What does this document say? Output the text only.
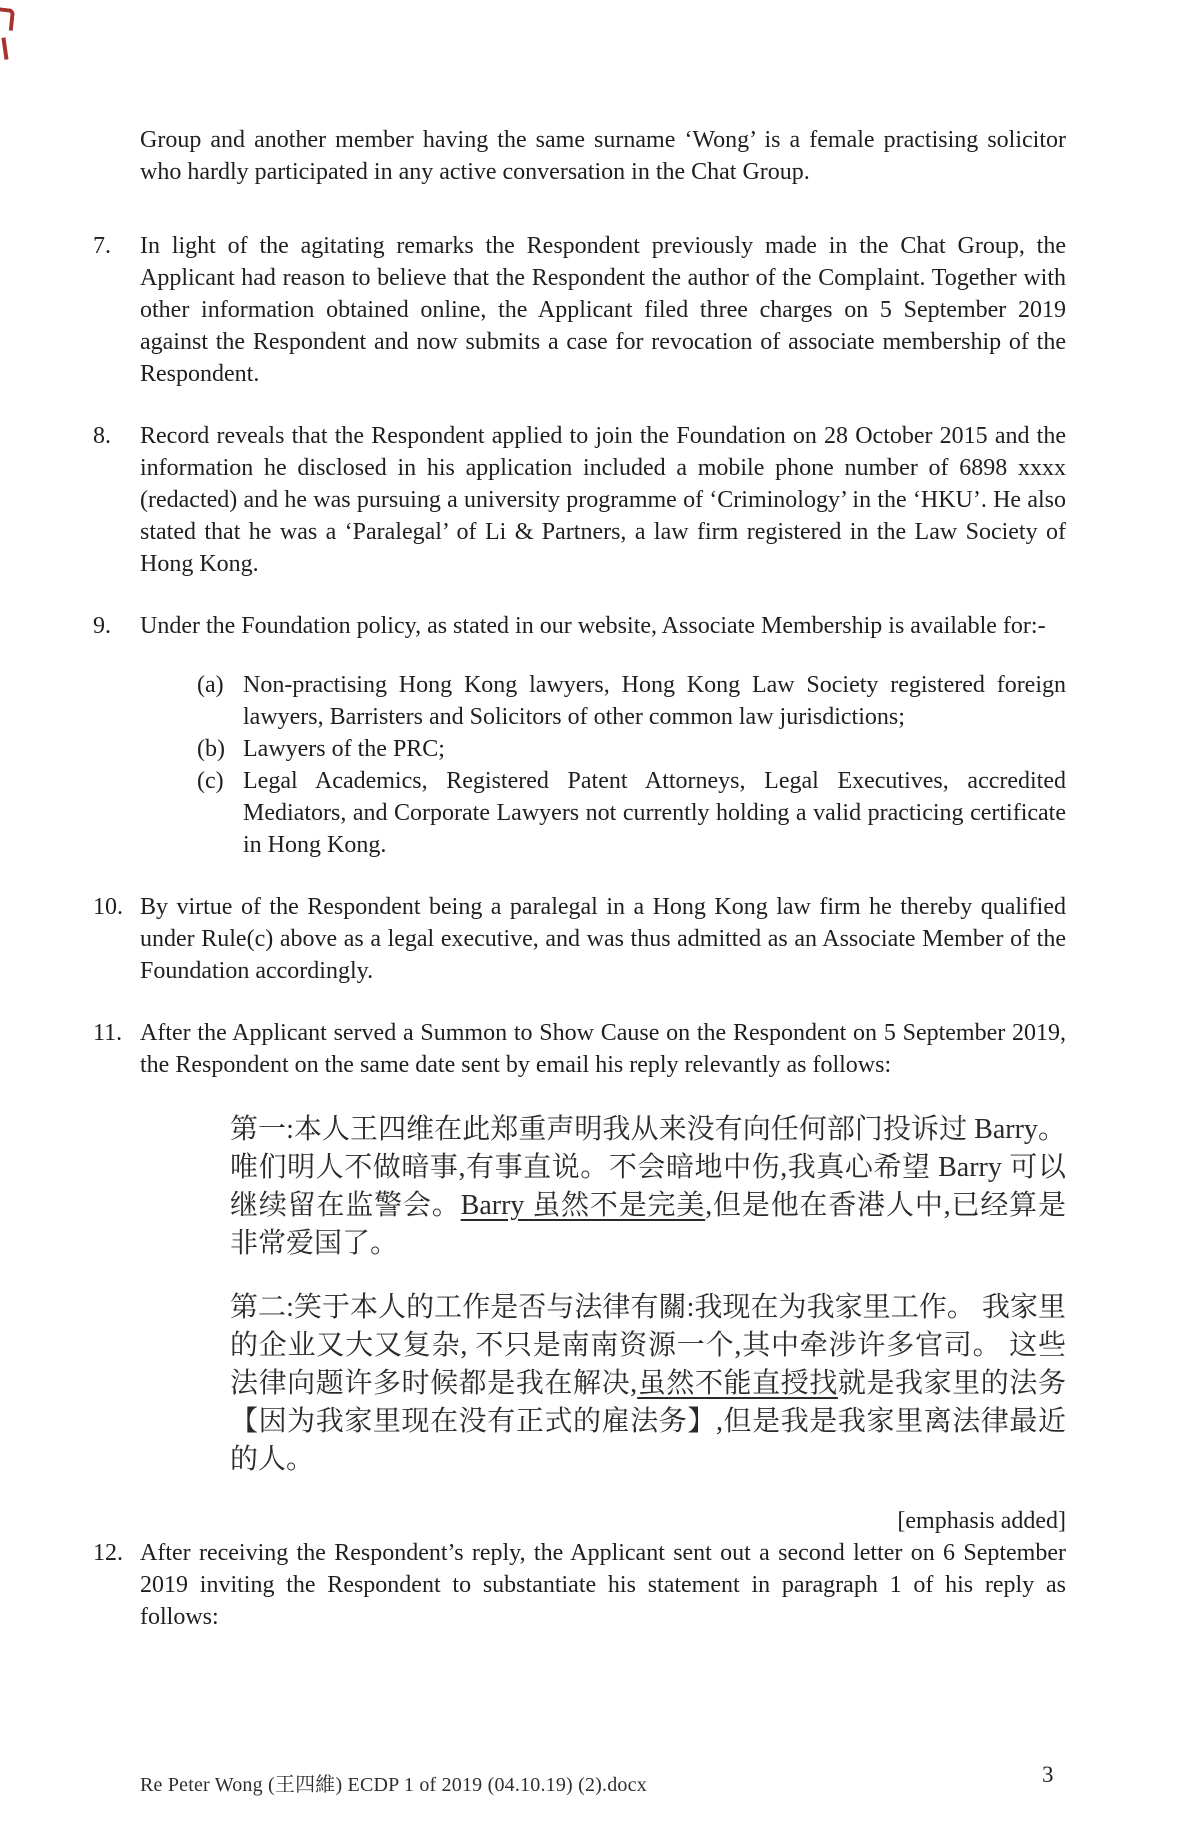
Group and another member having the same surname ‘Wong’ is a female practising solicitor who hardly participated in any active conversation in the Chat Group.
7.	In light of the agitating remarks the Respondent previously made in the Chat Group, the Applicant had reason to believe that the Respondent the author of the Complaint. Together with other information obtained online, the Applicant filed three charges on 5 September 2019 against the Respondent and now submits a case for revocation of associate membership of the Respondent.
8.	Record reveals that the Respondent applied to join the Foundation on 28 October 2015 and the information he disclosed in his application included a mobile phone number of 6898 xxxx (redacted) and he was pursuing a university programme of ‘Criminology’ in the ‘HKU’. He also stated that he was a ‘Paralegal’ of Li & Partners, a law firm registered in the Law Society of Hong Kong.
9.	Under the Foundation policy, as stated in our website, Associate Membership is available for:-
(a) Non-practising Hong Kong lawyers, Hong Kong Law Society registered foreign lawyers, Barristers and Solicitors of other common law jurisdictions;
(b) Lawyers of the PRC;
(c) Legal Academics, Registered Patent Attorneys, Legal Executives, accredited Mediators, and Corporate Lawyers not currently holding a valid practicing certificate in Hong Kong.
10. By virtue of the Respondent being a paralegal in a Hong Kong law firm he thereby qualified under Rule(c) above as a legal executive, and was thus admitted as an Associate Member of the Foundation accordingly.
11. After the Applicant served a Summon to Show Cause on the Respondent on 5 September 2019, the Respondent on the same date sent by email his reply relevantly as follows:
第一:本人王四维在此郑重声明我从来没有向任何部门投诉过 Barry。唯们明人不做暗事,有事直说。不会暗地中伤,我真心希望 Barry 可以继续留在监警会。Barry 虽然不是完美,但是他在香港人中,已经算是非常爱国了。
第二:笑于本人的工作是否与法律有關:我现在为我家里工作。 我家里的企业又大又复杂, 不只是南南资源一个,其中牵涉许多官司。 这些法律向题许多时候都是我在解决,虽然不能直授找就是我家里的法务【因为我家里现在没有正式的雇法务】,但是我是我家里离法律最近的人。
[emphasis added]
12. After receiving the Respondent’s reply, the Applicant sent out a second letter on 6 September 2019 inviting the Respondent to substantiate his statement in paragraph 1 of his reply as follows:
Re Peter Wong (王四維) ECDP 1 of 2019 (04.10.19) (2).docx	3
